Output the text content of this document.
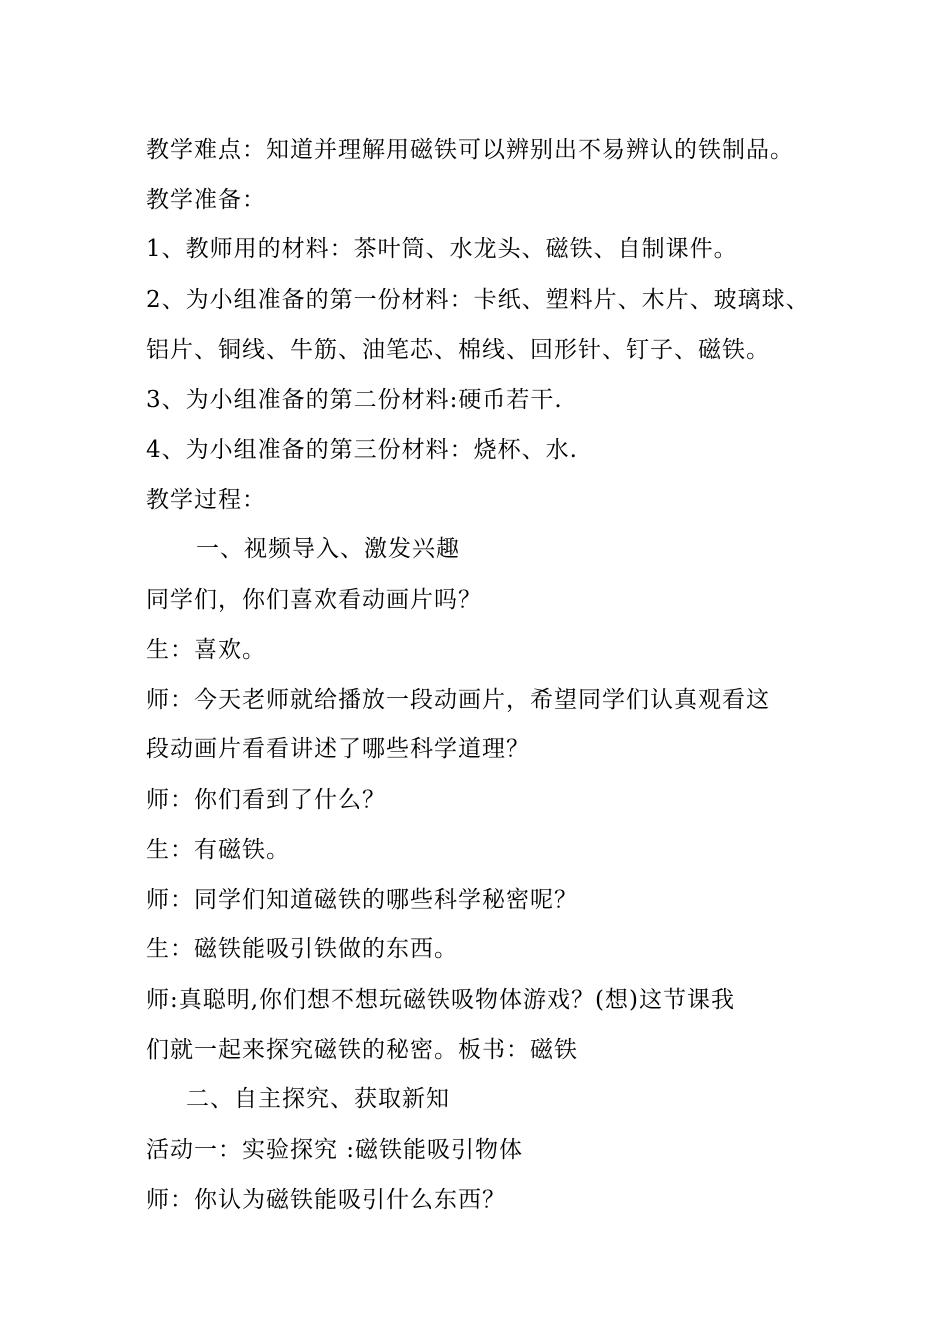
教学难点：知道并理解用磁铁可以辨别出不易辨认的铁制品。
教学准备：
1、教师用的材料：茶叶筒、水龙头、磁铁、自制课件。
2、为小组准备的第一份材料：卡纸、塑料片、木片、玻璃球、
铝片、铜线、牛筋、油笔芯、棉线、回形针、钉子、磁铁。
3、为小组准备的第二份材料:硬币若干.
4、为小组准备的第三份材料：烧杯、水.
教学过程：
一、视频导入、激发兴趣
同学们，你们喜欢看动画片吗？
生：喜欢。
师：今天老师就给播放一段动画片，希望同学们认真观看这
段动画片看看讲述了哪些科学道理？
师：你们看到了什么？
生：有磁铁。
师：同学们知道磁铁的哪些科学秘密呢？
生：磁铁能吸引铁做的东西。
师:真聪明,你们想不想玩磁铁吸物体游戏？(想)这节课我
们就一起来探究磁铁的秘密。板书：磁铁
二、自主探究、获取新知
活动一：实验探究 :磁铁能吸引物体
师：你认为磁铁能吸引什么东西？
